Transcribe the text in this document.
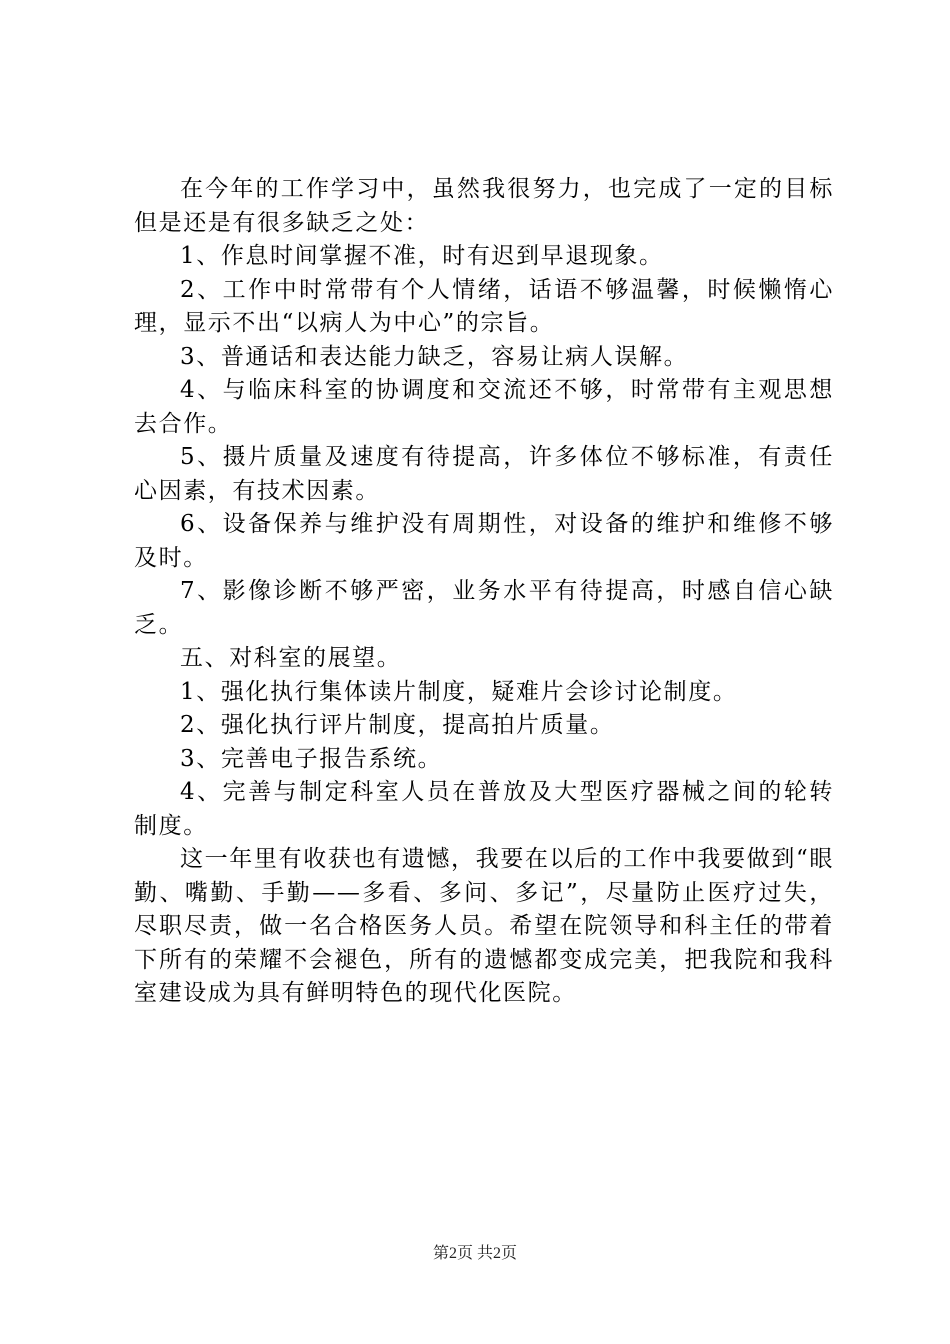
在今年的工作学习中，虽然我很努力，也完成了一定的目标但是还是有很多缺乏之处：

1、作息时间掌握不准，时有迟到早退现象。

2、工作中时常带有个人情绪，话语不够温馨，时候懒惰心理，显示不出“以病人为中心”的宗旨。

3、普通话和表达能力缺乏，容易让病人误解。

4、与临床科室的协调度和交流还不够，时常带有主观思想去合作。

5、摄片质量及速度有待提高，许多体位不够标准，有责任心因素，有技术因素。

6、设备保养与维护没有周期性，对设备的维护和维修不够及时。

7、影像诊断不够严密，业务水平有待提高，时感自信心缺乏。

五、对科室的展望。

1、强化执行集体读片制度，疑难片会诊讨论制度。

2、强化执行评片制度，提高拍片质量。

3、完善电子报告系统。

4、完善与制定科室人员在普放及大型医疗器械之间的轮转制度。

这一年里有收获也有遗憾，我要在以后的工作中我要做到“眼勤、嘴勤、手勤——多看、多问、多记”，尽量防止医疗过失，尽职尽责，做一名合格医务人员。希望在院领导和科主任的带着下所有的荣耀不会褪色，所有的遗憾都变成完美，把我院和我科室建设成为具有鲜明特色的现代化医院。

第2页 共2页
